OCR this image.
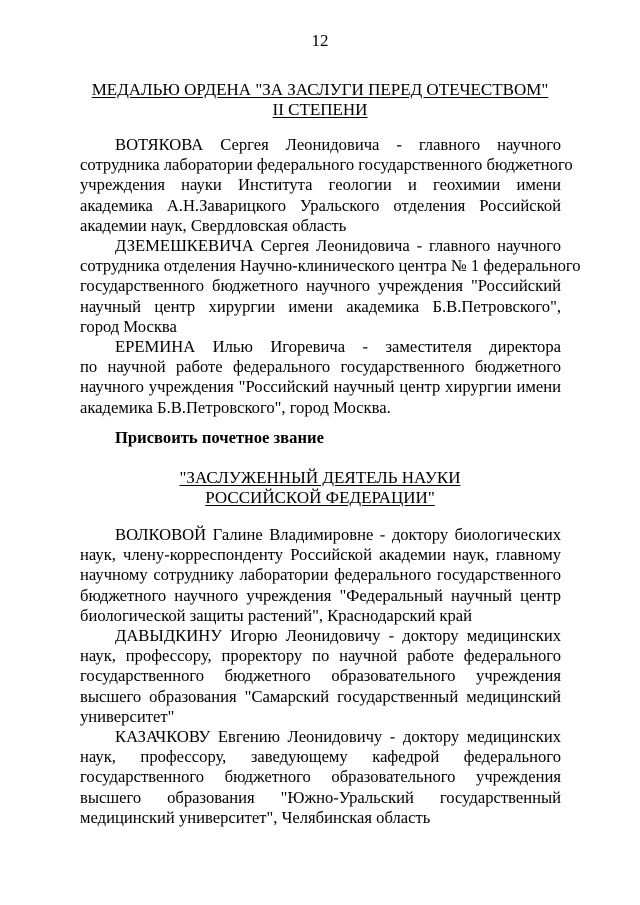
12
МЕДАЛЬЮ ОРДЕНА "ЗА ЗАСЛУГИ ПЕРЕД ОТЕЧЕСТВОМ"
II СТЕПЕНИ
ВОТЯКОВА Сергея Леонидовича - главного научного
сотрудника лаборатории федерального государственного бюджетного
учреждения науки Института геологии и геохимии имени
академика А.Н.Заварицкого Уральского отделения Российской
академии наук, Свердловская область
ДЗЕМЕШКЕВИЧА Сергея Леонидовича - главного научного
сотрудника отделения Научно-клинического центра № 1 федерального
государственного бюджетного научного учреждения "Российский
научный центр хирургии имени академика Б.В.Петровского",
город Москва
ЕРЕМИНА Илью Игоревича - заместителя директора
по научной работе федерального государственного бюджетного
научного учреждения "Российский научный центр хирургии имени
академика Б.В.Петровского", город Москва.
Присвоить почетное звание
"ЗАСЛУЖЕННЫЙ ДЕЯТЕЛЬ НАУКИ
РОССИЙСКОЙ ФЕДЕРАЦИИ"
ВОЛКОВОЙ Галине Владимировне - доктору биологических
наук, члену-корреспонденту Российской академии наук, главному
научному сотруднику лаборатории федерального государственного
бюджетного научного учреждения "Федеральный научный центр
биологической защиты растений", Краснодарский край
ДАВЫДКИНУ Игорю Леонидовичу - доктору медицинских
наук, профессору, проректору по научной работе федерального
государственного бюджетного образовательного учреждения
высшего образования "Самарский государственный медицинский
университет"
КАЗАЧКОВУ Евгению Леонидовичу - доктору медицинских
наук, профессору, заведующему кафедрой федерального
государственного бюджетного образовательного учреждения
высшего образования "Южно-Уральский государственный
медицинский университет", Челябинская область
